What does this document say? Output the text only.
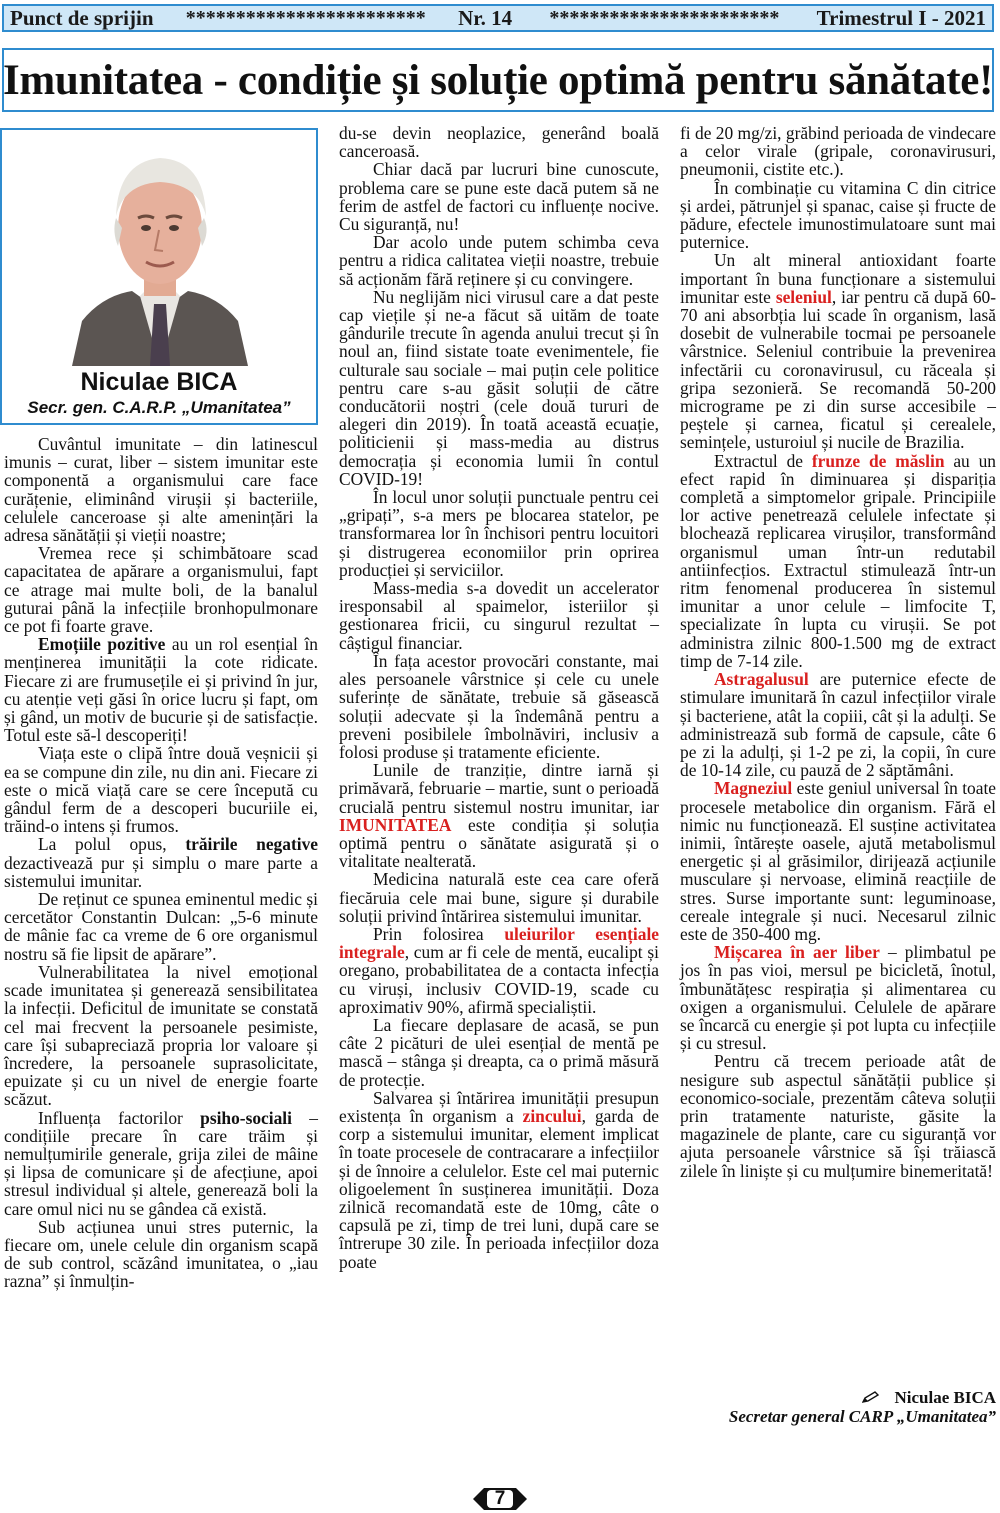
Punct de sprijin	************************	Nr. 14	***********************	Trimestrul I - 2021
Imunitatea - condiție și soluție optimă pentru sănătate!
Niculae BICA
Secr. gen. C.A.R.P. „Umanitatea”

Cuvântul imunitate – din latinescul imunis – curat, liber – sistem imunitar este componentă a organismului care face curățenie, eliminând virușii și bacteriile, celulele canceroase și alte amenințări la adresa sănătății și vieții noastre;

Vremea rece și schimbătoare scad capacitatea de apărare a organismului, fapt ce atrage mai multe boli, de la banalul guturai până la infecțiile bronhopulmonare ce pot fi foarte grave.

Emoțiile pozitive au un rol esențial în menținerea imunității la cote ridicate. Fiecare zi are frumusețile ei și privind în jur, cu atenție veți găsi în orice lucru și fapt, om și gând, un motiv de bucurie și de satisfacție. Totul este să-l descoperiți!

Viața este o clipă între două veșnicii și ea se compune din zile, nu din ani. Fiecare zi este o mică viață care se cere începută cu gândul ferm de a descoperi bucuriile ei, trăind-o intens și frumos.

La polul opus, trăirile negative dezactivează pur și simplu o mare parte a sistemului imunitar.

De reținut ce spunea eminentul medic și cercetător Constantin Dulcan: „5-6 minute de mânie fac ca vreme de 6 ore organismul nostru să fie lipsit de apărare”.

Vulnerabilitatea la nivel emoțional scade imunitatea și generează sensibilitatea la infecții. Deficitul de imunitate se constată cel mai frecvent la persoanele pesimiste, care își subapreciază propria lor valoare și încredere, la persoanele suprasolicitate, epuizate și cu un nivel de energie foarte scăzut.

Influența factorilor psiho-sociali – condițiile precare în care trăim și nemulțumirile generale, grija zilei de mâine și lipsa de comunicare și de afecțiune, apoi stresul individual și altele, generează boli la care omul nici nu se gândea că există.

Sub acțiunea unui stres puternic, la fiecare om, unele celule din organism scapă de sub control, scăzând imunitatea, o „iau razna” și înmulțin-

du-se devin neoplazice, generând boală canceroasă.

Chiar dacă par lucruri bine cunoscute, problema care se pune este dacă putem să ne ferim de astfel de factori cu influențe nocive. Cu siguranță, nu!

Dar acolo unde putem schimba ceva pentru a ridica calitatea vieții noastre, trebuie să acționăm fără reținere și cu convingere.

Nu neglijăm nici virusul care a dat peste cap viețile și ne-a făcut să uităm de toate gândurile trecute în agenda anului trecut și în noul an, fiind sistate toate evenimentele, fie culturale sau sociale – mai puțin cele politice pentru care s-au găsit soluții de către conducătorii noștri (cele două tururi de alegeri din 2019). În toată această ecuație, politicienii și mass-media au distrus democrația și economia lumii în contul COVID-19!

În locul unor soluții punctuale pentru cei „gripați”, s-a mers pe blocarea statelor, pe transformarea lor în închisori pentru locuitori și distrugerea economiilor prin oprirea producției și serviciilor.

Mass-media s-a dovedit un accelerator iresponsabil al spaimelor, isteriilor și gestionarea fricii, cu singurul rezultat – câștigul financiar.

În fața acestor provocări constante, mai ales persoanele vârstnice și cele cu unele suferințe de sănătate, trebuie să găsească soluții adecvate și la îndemână pentru a preveni posibilele îmbolnăviri, inclusiv a folosi produse și tratamente eficiente.

Lunile de tranziție, dintre iarnă și primăvară, februarie – martie, sunt o perioadă crucială pentru sistemul nostru imunitar, iar IMUNITATEA este condiția și soluția optimă pentru o sănătate asigurată și o vitalitate nealterată.

Medicina naturală este cea care oferă fiecăruia cele mai bune, sigure și durabile soluții privind întărirea sistemului imunitar.

Prin folosirea uleiurilor esențiale integrale, cum ar fi cele de mentă, eucalipt și oregano, probabilitatea de a contacta infecția cu viruși, inclusiv COVID-19, scade cu aproximativ 90%, afirmă specialiștii.

La fiecare deplasare de acasă, se pun câte 2 picături de ulei esențial de mentă pe mască – stânga și dreapta, ca o primă măsură de protecție.

Salvarea și întărirea imunității presupun existența în organism a zincului, garda de corp a sistemului imunitar, element implicat în toate procesele de contracarare a infecțiilor și de înnoire a celulelor. Este cel mai puternic oligoelement în susținerea imunității. Doza zilnică recomandată este de 10mg, câte o capsulă pe zi, timp de trei luni, după care se întrerupe 30 zile. În perioada infecțiilor doza poate

fi de 20 mg/zi, grăbind perioada de vindecare a celor virale (gripale, coronavirusuri, pneumonii, cistite etc.).

În combinație cu vitamina C din citrice și ardei, pătrunjel și spanac, caise și fructe de pădure, efectele imunostimulatoare sunt mai puternice.

Un alt mineral antioxidant foarte important în buna funcționare a sistemului imunitar este seleniul, iar pentru că după 60-70 ani absorbția lui scade în organism, lasă dosebit de vulnerabile tocmai pe persoanele vârstnice. Seleniul contribuie la prevenirea infectării cu coronavirusul, cu răceala și gripa sezonieră. Se recomandă 50-200 micrograme pe zi din surse accesibile – peștele și carnea, ficatul și cerealele, semințele, usturoiul și nucile de Brazilia.

Extractul de frunze de măslin au un efect rapid în diminuarea și dispariția completă a simptomelor gripale. Principiile lor active penetrează celulele infectate și blochează replicarea virușilor, transformând organismul uman într-un redutabil antiinfecțios. Extractul stimulează într-un ritm fenomenal producerea în sistemul imunitar a unor celule – limfocite T, specializate în lupta cu virușii. Se pot administra zilnic 800-1.500 mg de extract timp de 7-14 zile.

Astragalusul are puternice efecte de stimulare imunitară în cazul infecțiilor virale și bacteriene, atât la copiii, cât și la adulți. Se administrează sub formă de capsule, câte 6 pe zi la adulți, și 1-2 pe zi, la copii, în cure de 10-14 zile, cu pauză de 2 săptămâni.

Magneziul este geniul universal în toate procesele metabolice din organism. Fără el nimic nu funcționează. El susține activitatea inimii, întărește oasele, ajută metabolismul energetic și al grăsimilor, dirijează acțiunile musculare și nervoase, elimină reacțiile de stres. Surse importante sunt: leguminoase, cereale integrale și nuci. Necesarul zilnic este de 350-400 mg.

Mișcarea în aer liber – plimbatul pe jos în pas vioi, mersul pe bicicletă, înotul, îmbunătățesc respirația și alimentarea cu oxigen a organismului. Celulele de apărare se încarcă cu energie și pot lupta cu infecțiile și cu stresul.

Pentru că trecem perioade atât de nesigure sub aspectul sănătății publice și economico-sociale, prezentăm câteva soluții prin tratamente naturiste, găsite la magazinele de plante, care cu siguranță vor ajuta persoanele vârstnice să își trăiască zilele în liniște și cu mulțumire binemeritată!

Niculae BICA
Secretar general CARP „Umanitatea”
7
